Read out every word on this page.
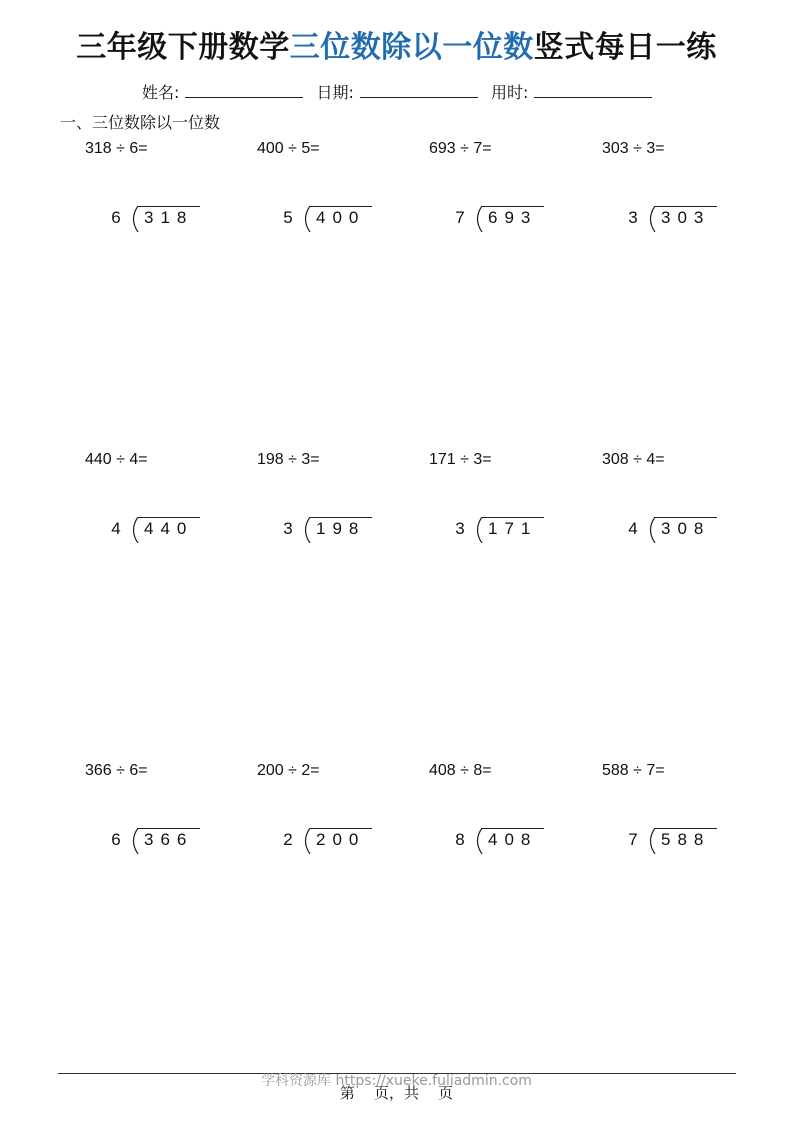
三年级下册数学三位数除以一位数竖式每日一练
姓名:	日期:	用时:
一、三位数除以一位数
318 ÷ 6=
6 318
400 ÷ 5=
5 400
693 ÷ 7=
7 693
303 ÷ 3=
3 303
440 ÷ 4=
4 440
198 ÷ 3=
3 198
171 ÷ 3=
3 171
308 ÷ 4=
4 308
366 ÷ 6=
6 366
200 ÷ 2=
2 200
408 ÷ 8=
8 408
588 ÷ 7=
7 588
学科资源库 https://xueke.fuliadmin.com
第    页，共    页
